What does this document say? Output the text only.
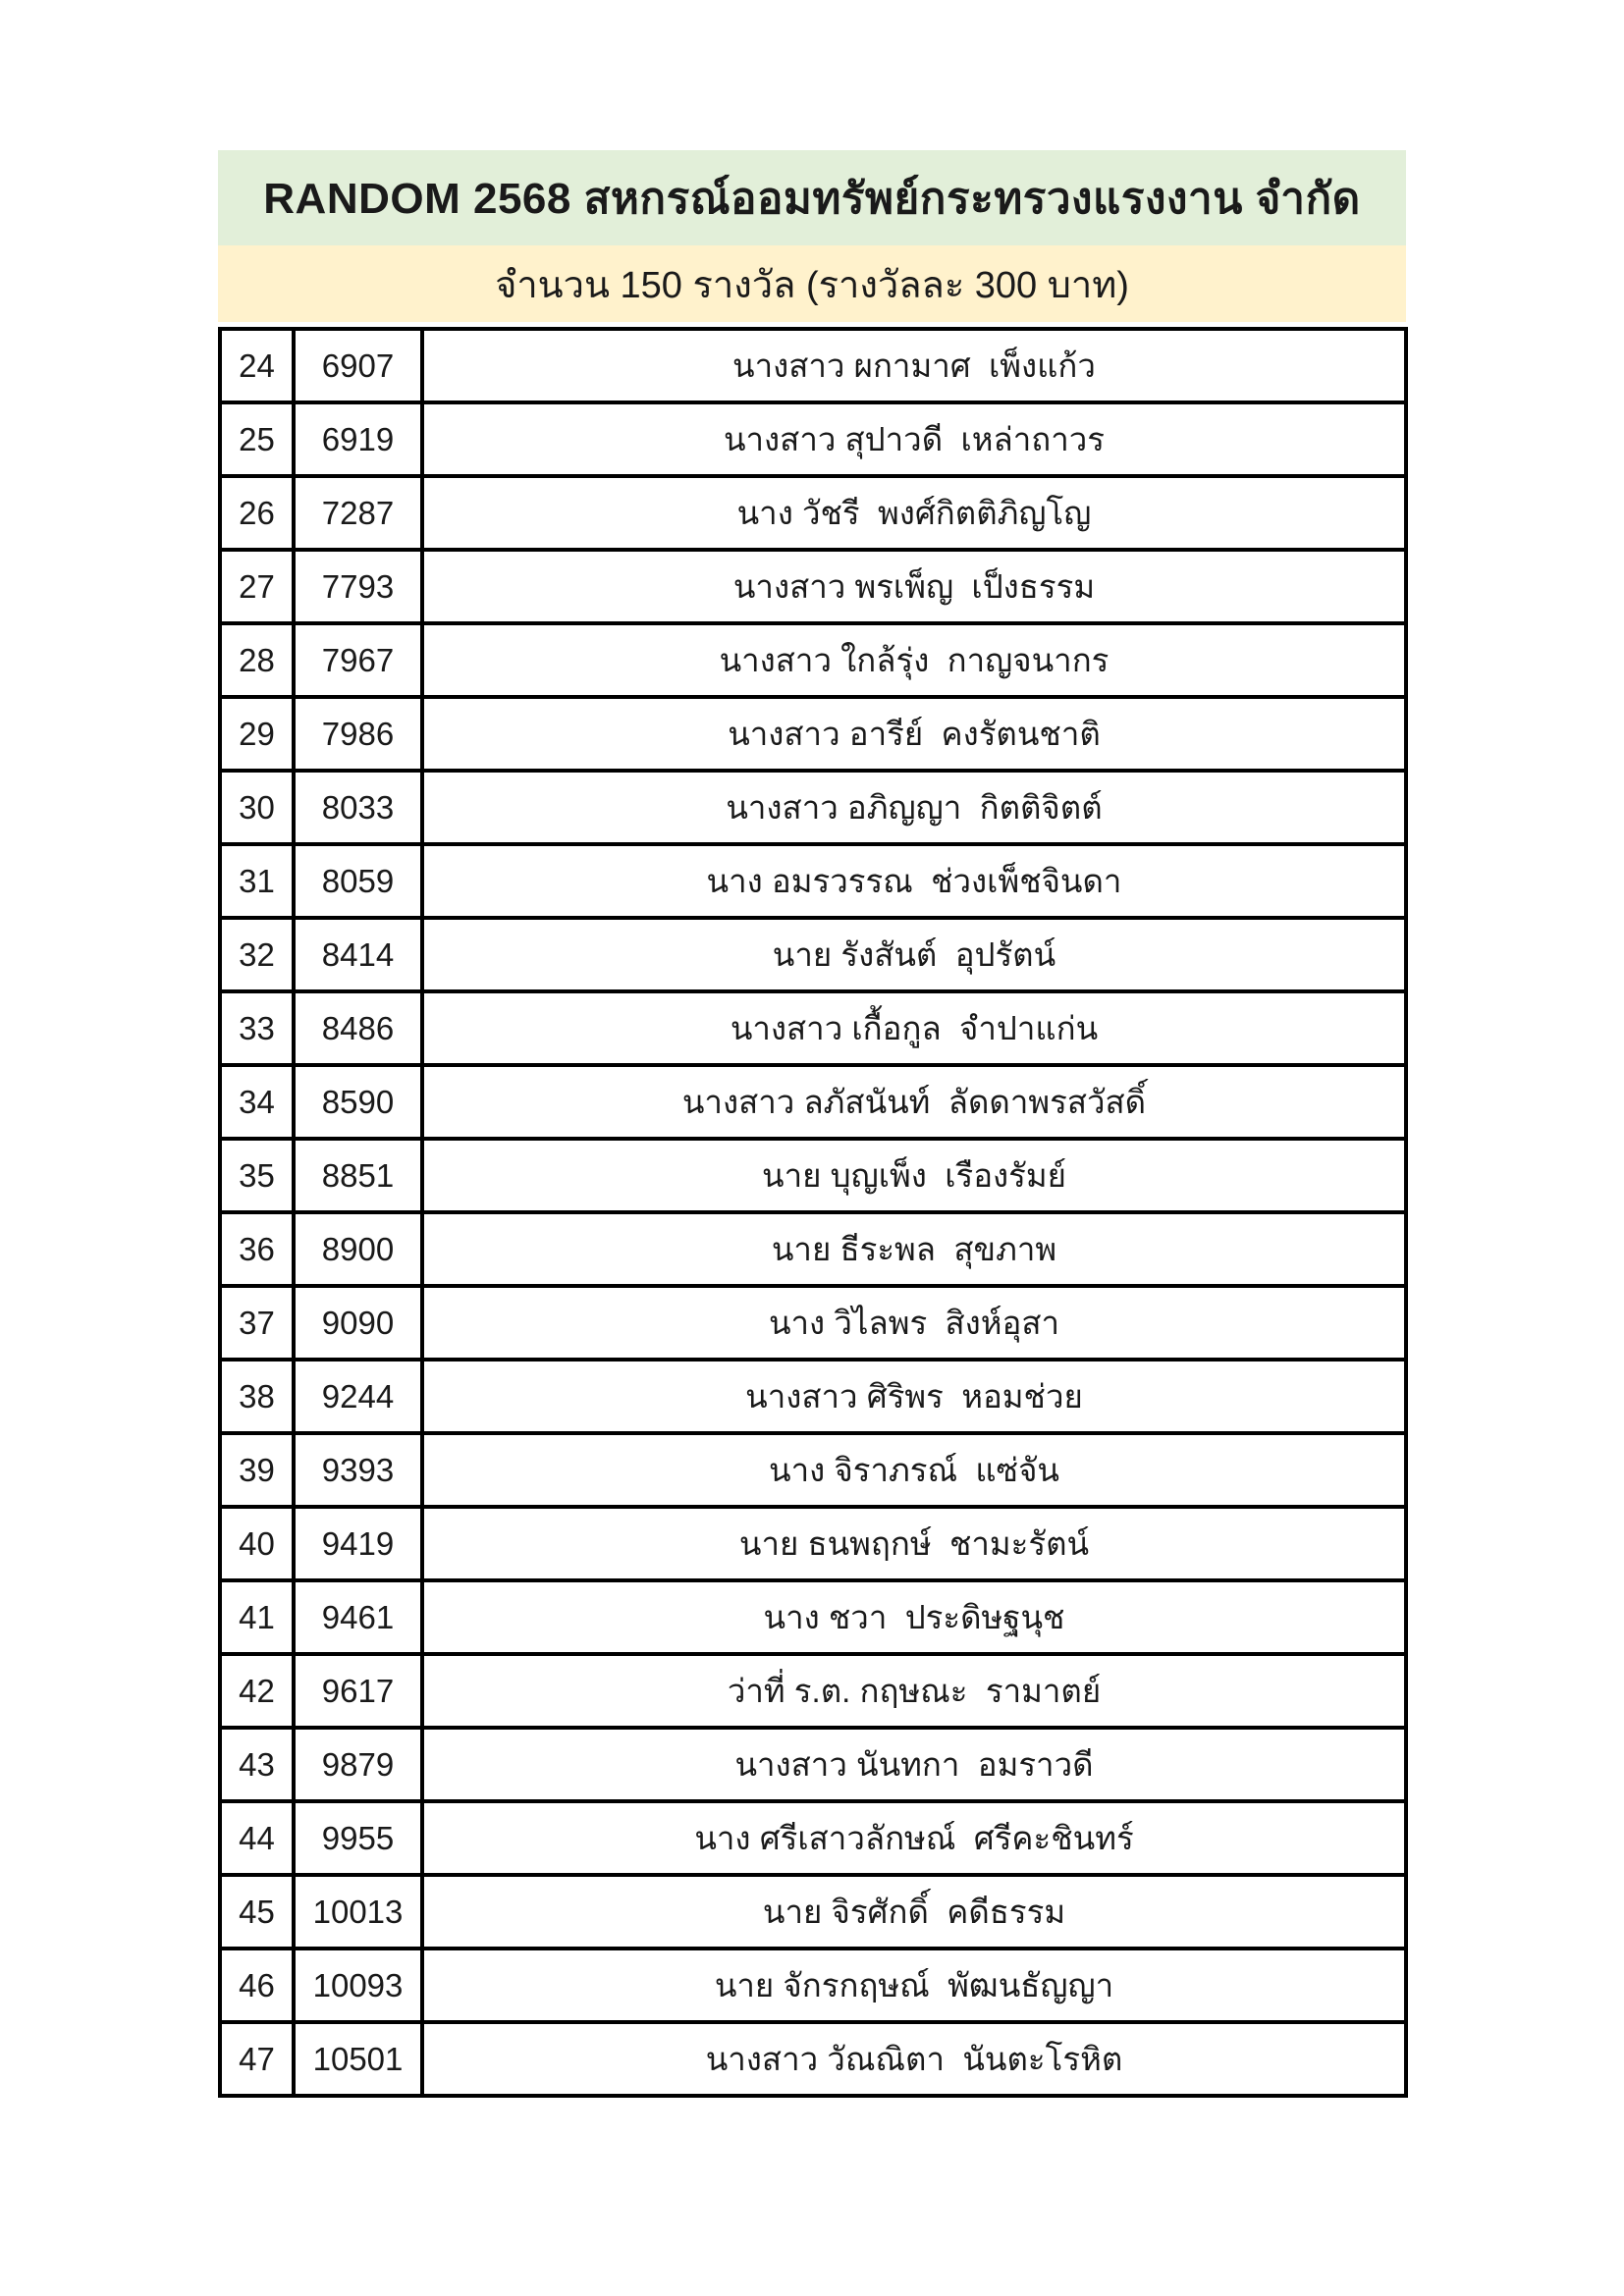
RANDOM 2568 สหกรณ์ออมทรัพย์กระทรวงแรงงาน จำกัด
จำนวน 150 รางวัล (รางวัลละ 300 บาท)
24	6907	นางสาว ผกามาศ  เพ็งแก้ว
25	6919	นางสาว สุปาวดี  เหล่าถาวร
26	7287	นาง วัชรี  พงศ์กิตติภิญโญ
27	7793	นางสาว พรเพ็ญ  เป็งธรรม
28	7967	นางสาว ใกล้รุ่ง  กาญจนากร
29	7986	นางสาว อารีย์  คงรัตนชาติ
30	8033	นางสาว อภิญญา  กิตติจิตต์
31	8059	นาง อมรวรรณ  ช่วงเพ็ชจินดา
32	8414	นาย รังสันต์  อุปรัตน์
33	8486	นางสาว เกื้อกูล  จำปาแก่น
34	8590	นางสาว ลภัสนันท์  ลัดดาพรสวัสดิ์
35	8851	นาย บุญเพ็ง  เรืองรัมย์
36	8900	นาย ธีระพล  สุขภาพ
37	9090	นาง วิไลพร  สิงห์อุสา
38	9244	นางสาว ศิริพร  หอมช่วย
39	9393	นาง จิราภรณ์  แซ่จัน
40	9419	นาย ธนพฤกษ์  ชามะรัตน์
41	9461	นาง ชวา  ประดิษฐนุช
42	9617	ว่าที่ ร.ต. กฤษณะ  รามาตย์
43	9879	นางสาว นันทกา  อมราวดี
44	9955	นาง ศรีเสาวลักษณ์  ศรีคะชินทร์
45	10013	นาย จิรศักดิ์  คดีธรรม
46	10093	นาย จักรกฤษณ์  พัฒนธัญญา
47	10501	นางสาว วัณณิตา  นันตะโรหิต
